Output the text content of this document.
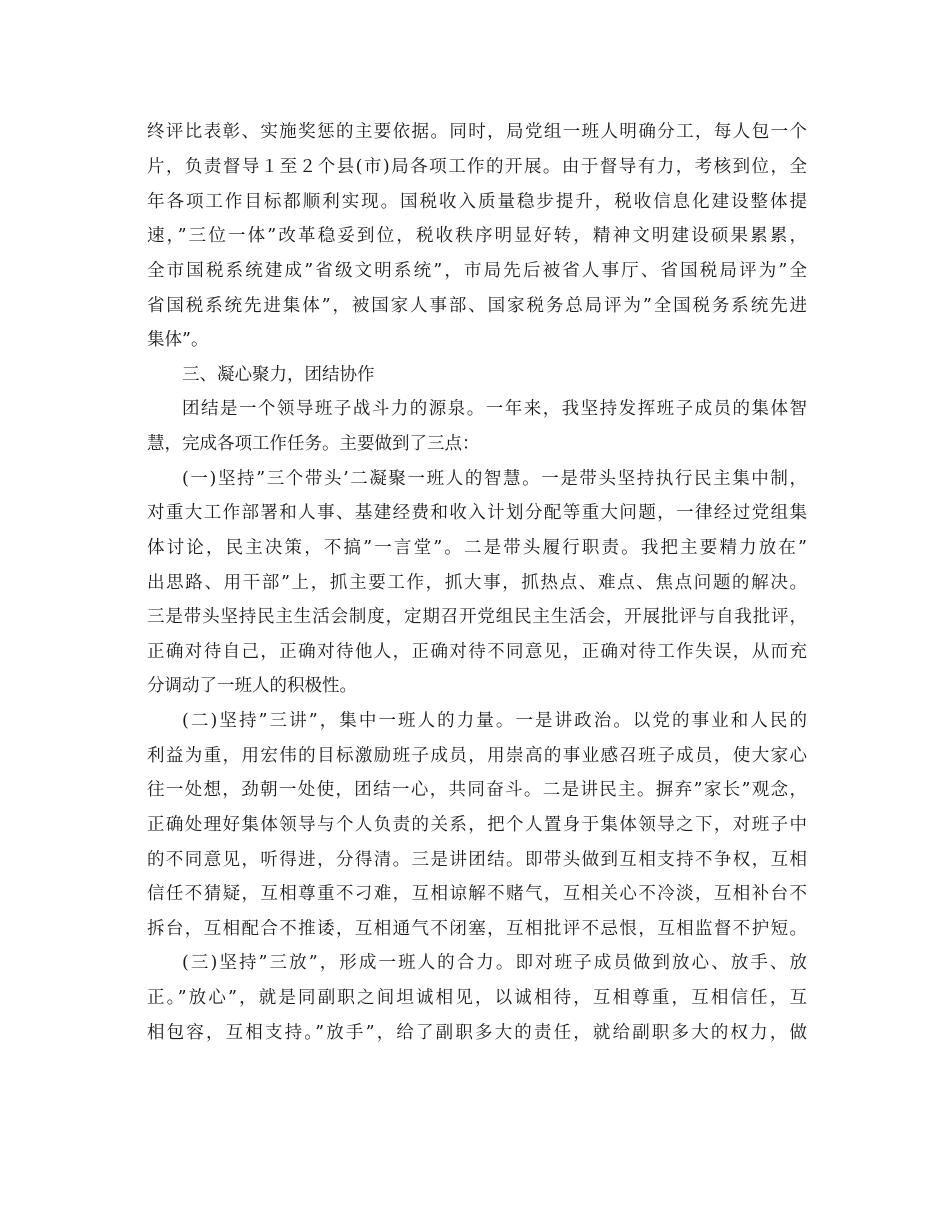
终评比表彰、实施奖惩的主要依据。同时，局党组一班人明确分工，每人包一个
片，负责督导１至２个县(市)局各项工作的开展。由于督导有力，考核到位，全
年各项工作目标都顺利实现。国税收入质量稳步提升，税收信息化建设整体提
速，”三位一体”改革稳妥到位，税收秩序明显好转，精神文明建设硕果累累，
全市国税系统建成”省级文明系统”，市局先后被省人事厅、省国税局评为”全
省国税系统先进集体”，被国家人事部、国家税务总局评为”全国税务系统先进
集体”。
三、凝心聚力，团结协作
团结是一个领导班子战斗力的源泉。一年来，我坚持发挥班子成员的集体智
慧，完成各项工作任务。主要做到了三点：
(一)坚持”三个带头’二凝聚一班人的智慧。一是带头坚持执行民主集中制，
对重大工作部署和人事、基建经费和收入计划分配等重大问题，一律经过党组集
体讨论，民主决策，不搞”一言堂”。二是带头履行职责。我把主要精力放在”
出思路、用干部”上，抓主要工作，抓大事，抓热点、难点、焦点问题的解决。
三是带头坚持民主生活会制度，定期召开党组民主生活会，开展批评与自我批评，
正确对待自己，正确对待他人，正确对待不同意见，正确对待工作失误，从而充
分调动了一班人的积极性。
(二)坚持”三讲”，集中一班人的力量。一是讲政治。以党的事业和人民的
利益为重，用宏伟的目标激励班子成员，用崇高的事业感召班子成员，使大家心
往一处想，劲朝一处使，团结一心，共同奋斗。二是讲民主。摒弃”家长”观念，
正确处理好集体领导与个人负责的关系，把个人置身于集体领导之下，对班子中
的不同意见，听得进，分得清。三是讲团结。即带头做到互相支持不争权，互相
信任不猜疑，互相尊重不刁难，互相谅解不赌气，互相关心不冷淡，互相补台不
拆台，互相配合不推诿，互相通气不闭塞，互相批评不忌恨，互相监督不护短。
(三)坚持”三放”，形成一班人的合力。即对班子成员做到放心、放手、放
正。”放心”，就是同副职之间坦诚相见，以诚相待，互相尊重，互相信任，互
相包容，互相支持。”放手”，给了副职多大的责任，就给副职多大的权力，做
